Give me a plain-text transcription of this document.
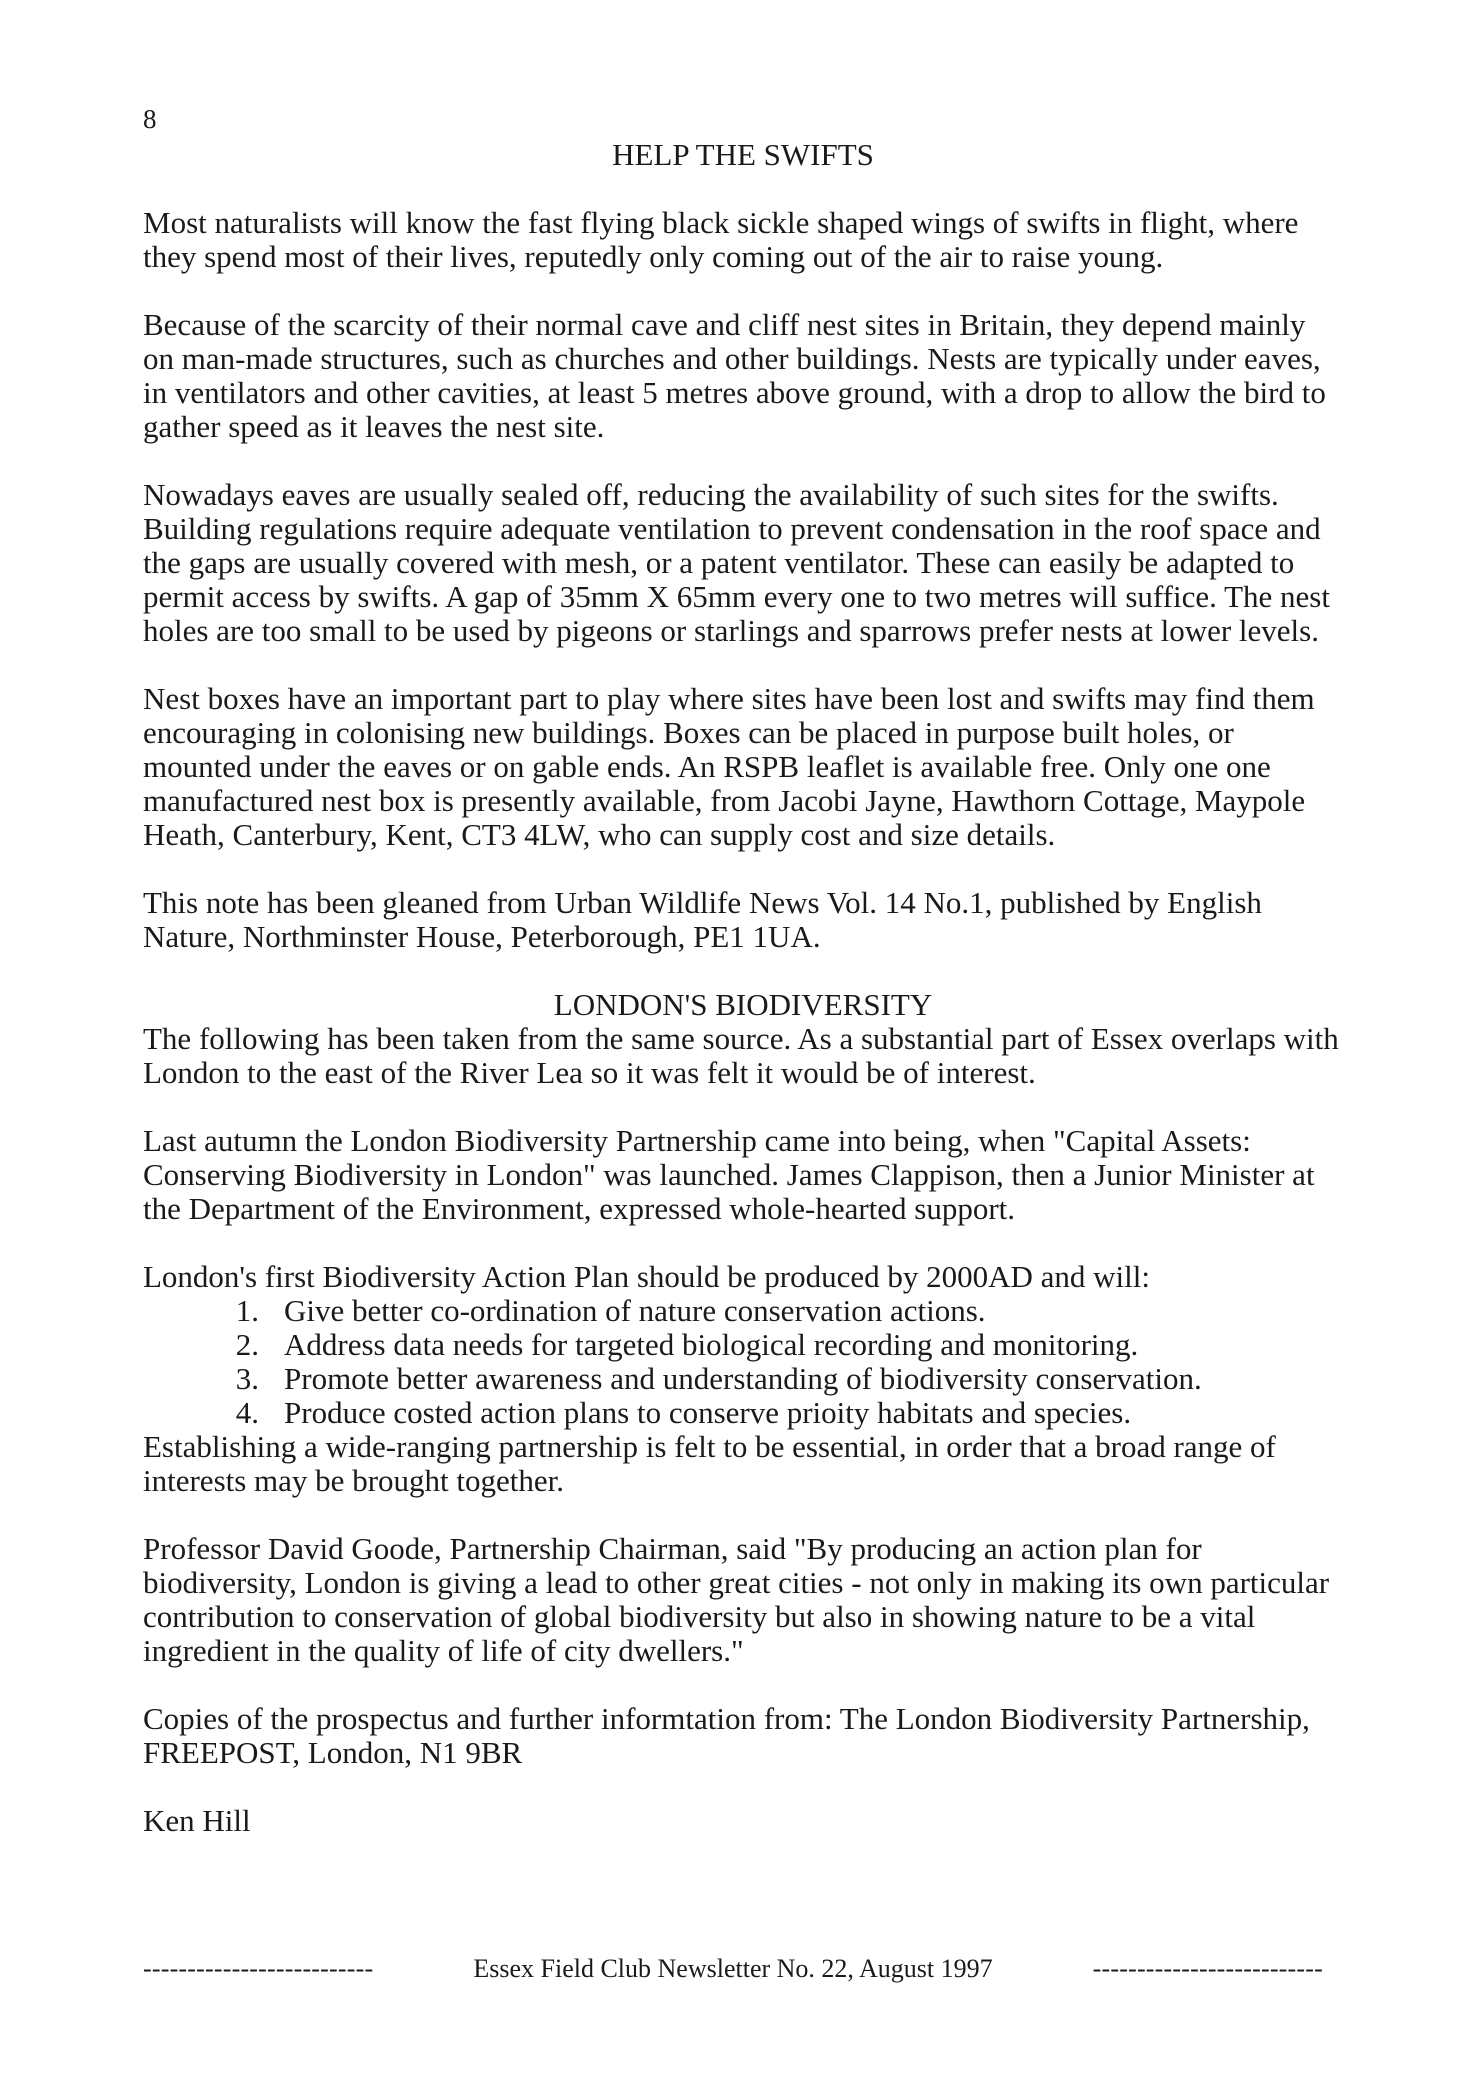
8
HELP THE SWIFTS

Most naturalists will know the fast flying black sickle shaped wings of swifts in flight, where they spend most of their lives, reputedly only coming out of the air to raise young.

Because of the scarcity of their normal cave and cliff nest sites in Britain, they depend mainly on man-made structures, such as churches and other buildings. Nests are typically under eaves, in ventilators and other cavities, at least 5 metres above ground, with a drop to allow the bird to gather speed as it leaves the nest site.

Nowadays eaves are usually sealed off, reducing the availability of such sites for the swifts. Building regulations require adequate ventilation to prevent condensation in the roof space and the gaps are usually covered with mesh, or a patent ventilator. These can easily be adapted to permit access by swifts. A gap of 35mm X 65mm every one to two metres will suffice. The nest holes are too small to be used by pigeons or starlings and sparrows prefer nests at lower levels.

Nest boxes have an important part to play where sites have been lost and swifts may find them encouraging in colonising new buildings. Boxes can be placed in purpose built holes, or mounted under the eaves or on gable ends. An RSPB leaflet is available free. Only one one manufactured nest box is presently available, from Jacobi Jayne, Hawthorn Cottage, Maypole Heath, Canterbury, Kent, CT3 4LW, who can supply cost and size details.

This note has been gleaned from Urban Wildlife News Vol. 14 No.1, published by English Nature, Northminster House, Peterborough, PE1 1UA.

LONDON'S BIODIVERSITY

The following has been taken from the same source. As a substantial part of Essex overlaps with London to the east of the River Lea so it was felt it would be of interest.

Last autumn the London Biodiversity Partnership came into being, when "Capital Assets: Conserving Biodiversity in London" was launched. James Clappison, then a Junior Minister at the Department of the Environment, expressed whole-hearted support.

London's first Biodiversity Action Plan should be produced by 2000AD and will:

1. Give better co-ordination of nature conservation actions.
2. Address data needs for targeted biological recording and monitoring.
3. Promote better awareness and understanding of biodiversity conservation.
4. Produce costed action plans to conserve prioity habitats and species.

Establishing a wide-ranging partnership is felt to be essential, in order that a broad range of interests may be brought together.

Professor David Goode, Partnership Chairman, said "By producing an action plan for biodiversity, London is giving a lead to other great cities - not only in making its own particular contribution to conservation of global biodiversity but also in showing nature to be a vital ingredient in the quality of life of city dwellers."

Copies of the prospectus and further informtation from: The London Biodiversity Partnership, FREEPOST, London, N1 9BR

Ken Hill

--------------------------	Essex Field Club Newsletter No. 22, August 1997	--------------------------
